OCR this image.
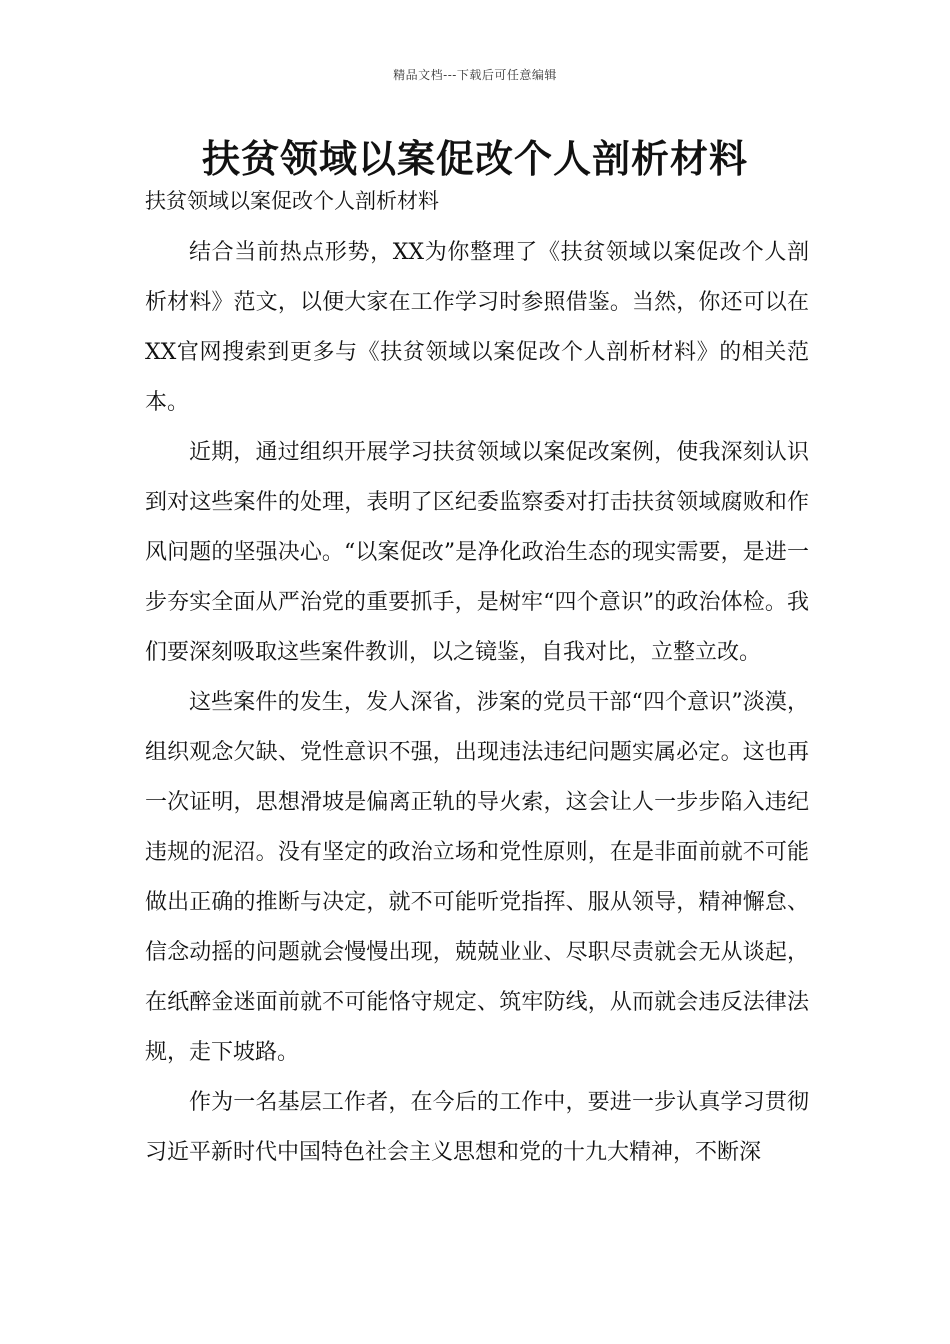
精品文档---下载后可任意编辑
扶贫领域以案促改个人剖析材料
扶贫领域以案促改个人剖析材料

结合当前热点形势，XX为你整理了《扶贫领域以案促改个人剖析材料》范文，以便大家在工作学习时参照借鉴。当然，你还可以在XX官网搜索到更多与《扶贫领域以案促改个人剖析材料》的相关范本。

近期，通过组织开展学习扶贫领域以案促改案例，使我深刻认识到对这些案件的处理，表明了区纪委监察委对打击扶贫领域腐败和作风问题的坚强决心。“以案促改”是净化政治生态的现实需要，是进一步夯实全面从严治党的重要抓手，是树牢“四个意识”的政治体检。我们要深刻吸取这些案件教训，以之镜鉴，自我对比，立整立改。

这些案件的发生，发人深省，涉案的党员干部“四个意识”淡漠，组织观念欠缺、党性意识不强，出现违法违纪问题实属必定。这也再一次证明，思想滑坡是偏离正轨的导火索，这会让人一步步陷入违纪违规的泥沼。没有坚定的政治立场和党性原则，在是非面前就不可能做出正确的推断与决定，就不可能听党指挥、服从领导，精神懈怠、信念动摇的问题就会慢慢出现，兢兢业业、尽职尽责就会无从谈起，在纸醉金迷面前就不可能恪守规定、筑牢防线，从而就会违反法律法规，走下坡路。

作为一名基层工作者，在今后的工作中，要进一步认真学习贯彻习近平新时代中国特色社会主义思想和党的十九大精神，不断深
